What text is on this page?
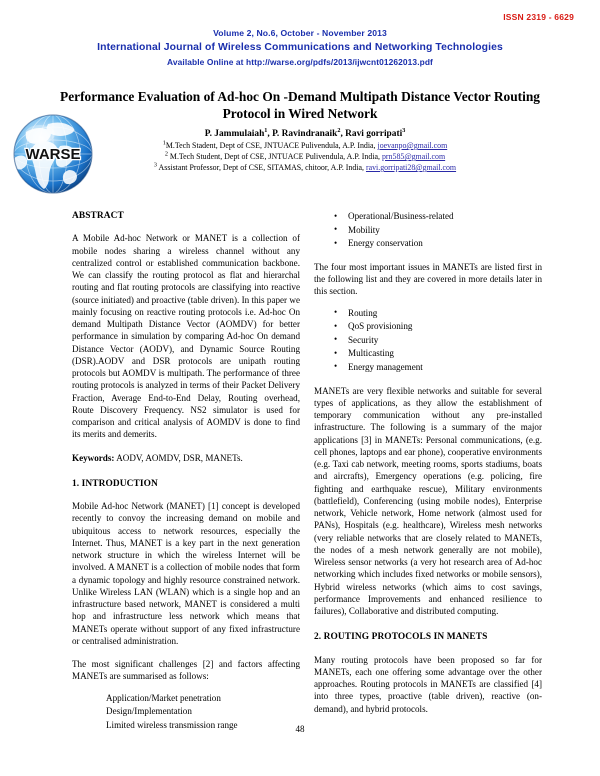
ISSN 2319 - 6629
Volume 2, No.6, October - November 2013
International Journal of Wireless Communications and Networking Technologies
Available Online at http://warse.org/pdfs/2013/ijwcnt01262013.pdf
Performance Evaluation of Ad-hoc On -Demand Multipath Distance Vector Routing Protocol in Wired Network
WARSE
P. Jammulaiah$^1$, P. Ravindranaik$^2$, Ravi gorripati$^3$
$^1$M.Tech Stadent, Dept of CSE, JNTUACE Pulivendula, A.P. India, joevanpo@gmail.com
$^2$ M.Tech Student, Dept of CSE, JNTUACE Pulivendula, A.P. India, prn585@gmail.com
$^3$ Assistant Professor, Dept of CSE, SITAMAS, chitoor, A.P. India, ravi.gorripati28@gmail.com
ABSTRACT

A Mobile Ad-hoc Network or MANET is a collection of mobile nodes sharing a wireless channel without any centralized control or established communication backbone. We can classify the routing protocol as flat and hierarchal routing and flat routing protocols are classifying into reactive (source initiated) and proactive (table driven). In this paper we mainly focusing on reactive routing protocols i.e. Ad-hoc On demand Multipath Distance Vector (AOMDV) for better performance in simulation by comparing Ad-hoc On demand Distance Vector (AODV), and Dynamic Source Routing (DSR).AODV and DSR protocols are unipath routing protocols but AOMDV is multipath. The performance of three routing protocols is analyzed in terms of their Packet Delivery Fraction, Average End-to-End Delay, Routing overhead, Route Discovery Frequency. NS2 simulator is used for comparison and critical analysis of AOMDV is done to find its merits and demerits.

Keywords: AODV, AOMDV, DSR, MANETs.

1. INTRODUCTION

Mobile Ad-hoc Network (MANET) [1] concept is developed recently to convoy the increasing demand on mobile and ubiquitous access to network resources, especially the Internet. Thus, MANET is a key part in the next generation network structure in which the wireless Internet will be involved. A MANET is a collection of mobile nodes that form a dynamic topology and highly resource constrained network. Unlike Wireless LAN (WLAN) which is a single hop and an infrastructure based network, MANET is considered a multi hop and infrastructure less network which means that MANETs operate without support of any fixed infrastructure or centralised administration.

The most significant challenges [2] and factors affecting MANETs are summarised as follows:

Application/Market penetration
Design/Implementation
Limited wireless transmission range
• Operational/Business-related
• Mobility
• Energy conservation

The four most important issues in MANETs are listed first in the following list and they are covered in more details later in this section.

• Routing
• QoS provisioning
• Security
• Multicasting
• Energy management

MANETs are very flexible networks and suitable for several types of applications, as they allow the establishment of temporary communication without any pre-installed infrastructure. The following is a summary of the major applications [3] in MANETs: Personal communications, (e.g. cell phones, laptops and ear phone), cooperative environments (e.g. Taxi cab network, meeting rooms, sports stadiums, boats and aircrafts), Emergency operations (e.g. policing, fire fighting and earthquake rescue), Military environments (battlefield), Conferencing (using mobile nodes), Enterprise network, Vehicle network, Home network (almost used for PANs), Hospitals (e.g. healthcare), Wireless mesh networks (very reliable networks that are closely related to MANETs, the nodes of a mesh network generally are not mobile), Wireless sensor networks (a very hot research area of Ad-hoc networking which includes fixed networks or mobile sensors), Hybrid wireless networks (which aims to cost savings, performance Improvements and enhanced resilience to failures), Collaborative and distributed computing.

2. ROUTING PROTOCOLS IN MANETS

Many routing protocols have been proposed so far for MANETs, each one offering some advantage over the other approaches. Routing protocols in MANETs are classified [4] into three types, proactive (table driven), reactive (on-demand), and hybrid protocols.

48
